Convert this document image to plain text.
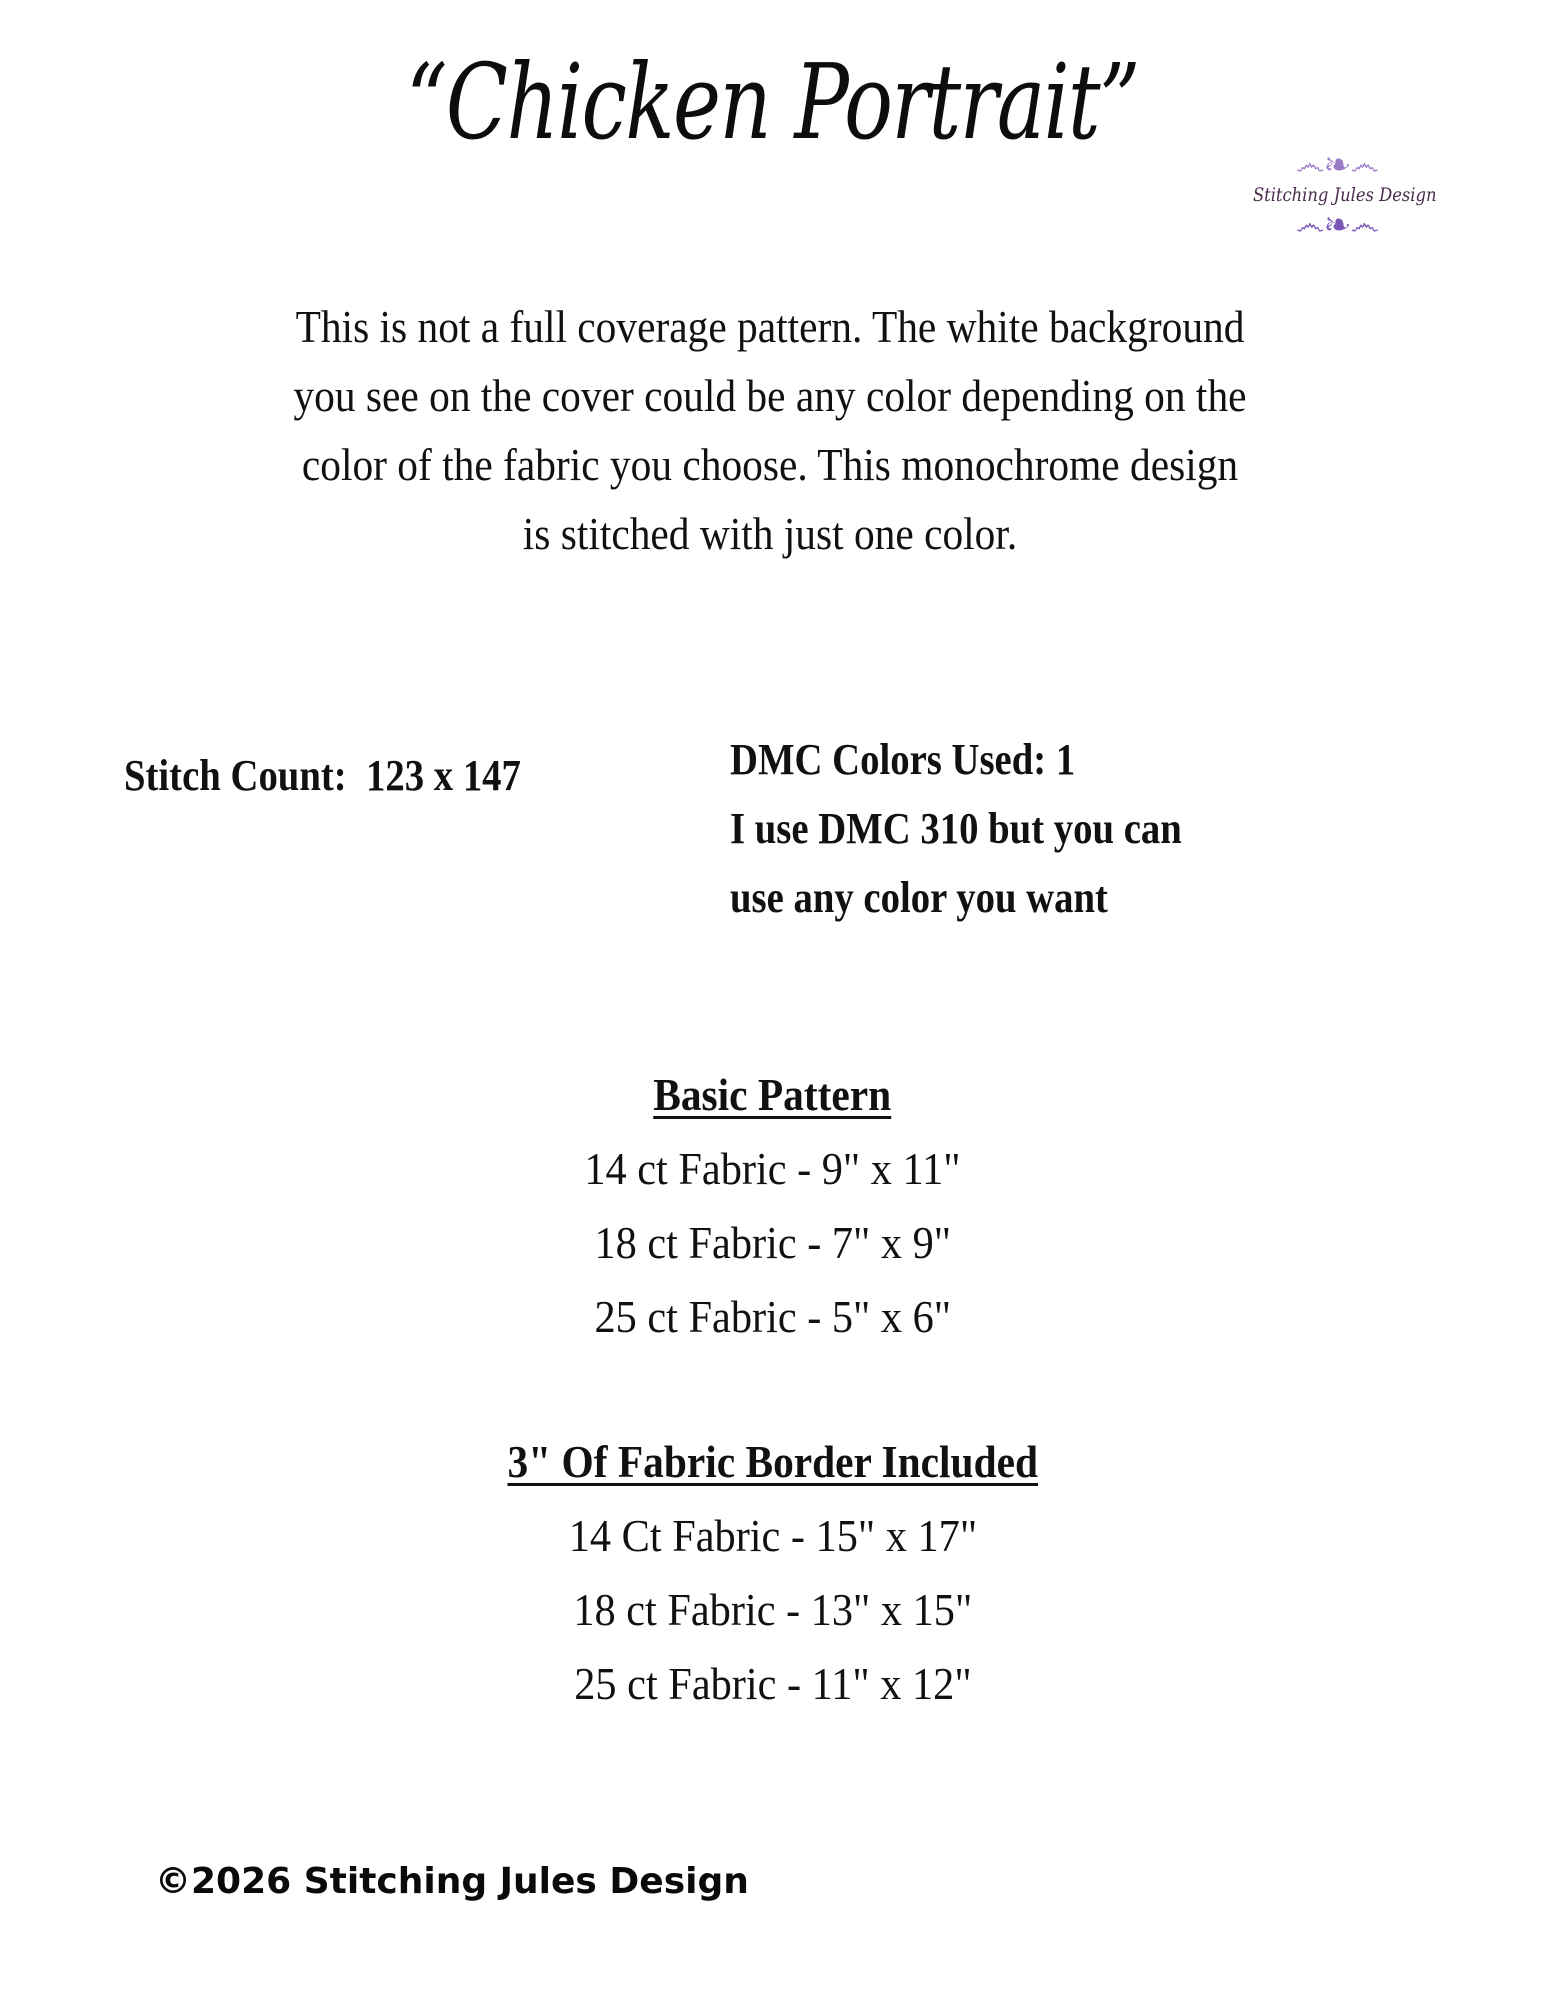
“Chicken Portrait”
෴❧෴
Stitching Jules Design
෴❧෴
This is not a full coverage pattern. The white background
you see on the cover could be any color depending on the
color of the fabric you choose. This monochrome design
is stitched with just one color.
Stitch Count: 123 x 147	DMC Colors Used: 1
I use DMC 310 but you can
use any color you want
Basic Pattern
14 ct Fabric - 9" x 11"
18 ct Fabric - 7" x 9"
25 ct Fabric - 5" x 6"
3" Of Fabric Border Included
14 Ct Fabric - 15" x 17"
18 ct Fabric - 13" x 15"
25 ct Fabric - 11" x 12"
©2026 Stitching Jules Design
